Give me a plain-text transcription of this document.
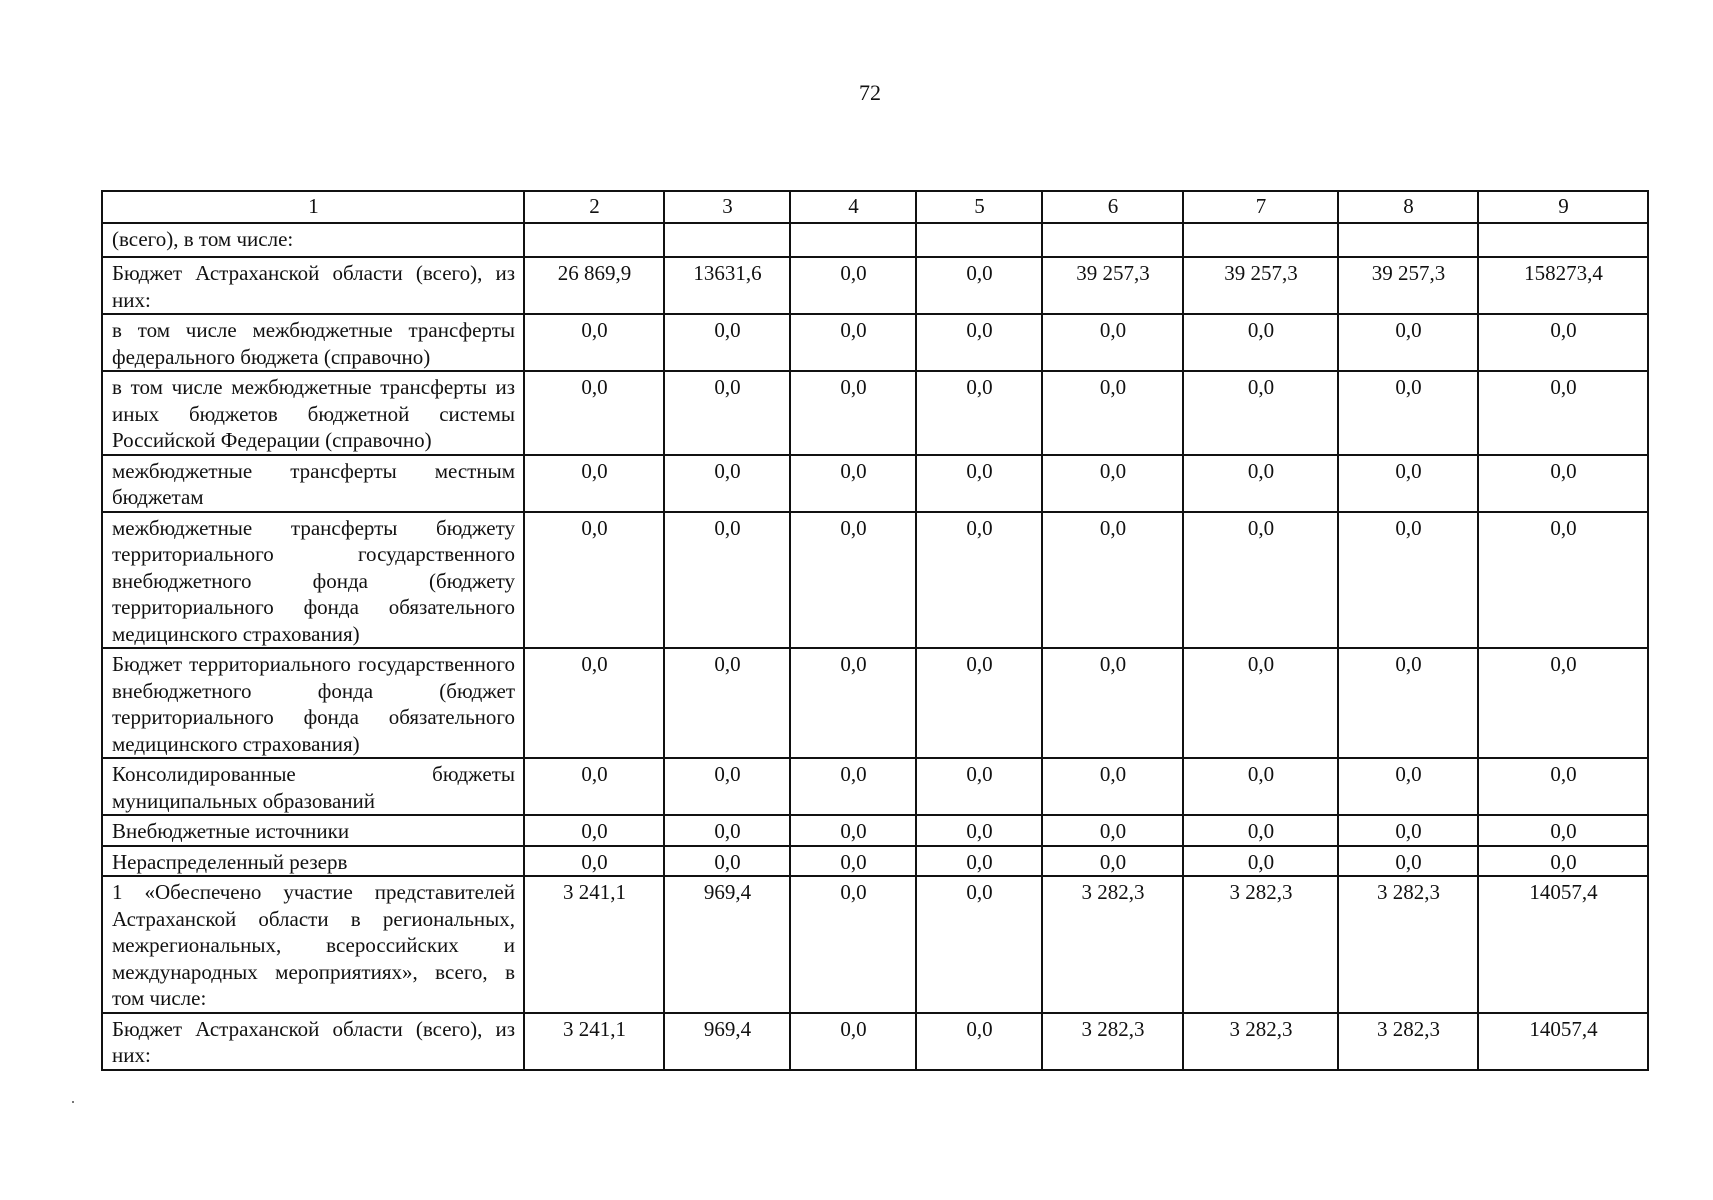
72
1	2	3	4	5	6	7	8	9
(всего), в том числе:								
Бюджет Астраханской области (всего), из них:	26 869,9	13631,6	0,0	0,0	39 257,3	39 257,3	39 257,3	158273,4
в том числе межбюджетные трансферты федерального бюджета (справочно)	0,0	0,0	0,0	0,0	0,0	0,0	0,0	0,0
в том числе межбюджетные трансферты из иных бюджетов бюджетной системы Российской Федерации (справочно)	0,0	0,0	0,0	0,0	0,0	0,0	0,0	0,0
межбюджетные трансферты местным бюджетам	0,0	0,0	0,0	0,0	0,0	0,0	0,0	0,0
межбюджетные трансферты бюджету территориального государственного внебюджетного фонда (бюджету территориального фонда обязательного медицинского страхования)	0,0	0,0	0,0	0,0	0,0	0,0	0,0	0,0
Бюджет территориального государственного внебюджетного фонда (бюджет территориального фонда обязательного медицинского страхования)	0,0	0,0	0,0	0,0	0,0	0,0	0,0	0,0
Консолидированные бюджеты муниципальных образований	0,0	0,0	0,0	0,0	0,0	0,0	0,0	0,0
Внебюджетные источники	0,0	0,0	0,0	0,0	0,0	0,0	0,0	0,0
Нераспределенный резерв	0,0	0,0	0,0	0,0	0,0	0,0	0,0	0,0
1 «Обеспечено участие представителей Астраханской области в региональных, межрегиональных, всероссийских и международных мероприятиях», всего, в том числе:	3 241,1	969,4	0,0	0,0	3 282,3	3 282,3	3 282,3	14057,4
Бюджет Астраханской области (всего), из них:	3 241,1	969,4	0,0	0,0	3 282,3	3 282,3	3 282,3	14057,4
